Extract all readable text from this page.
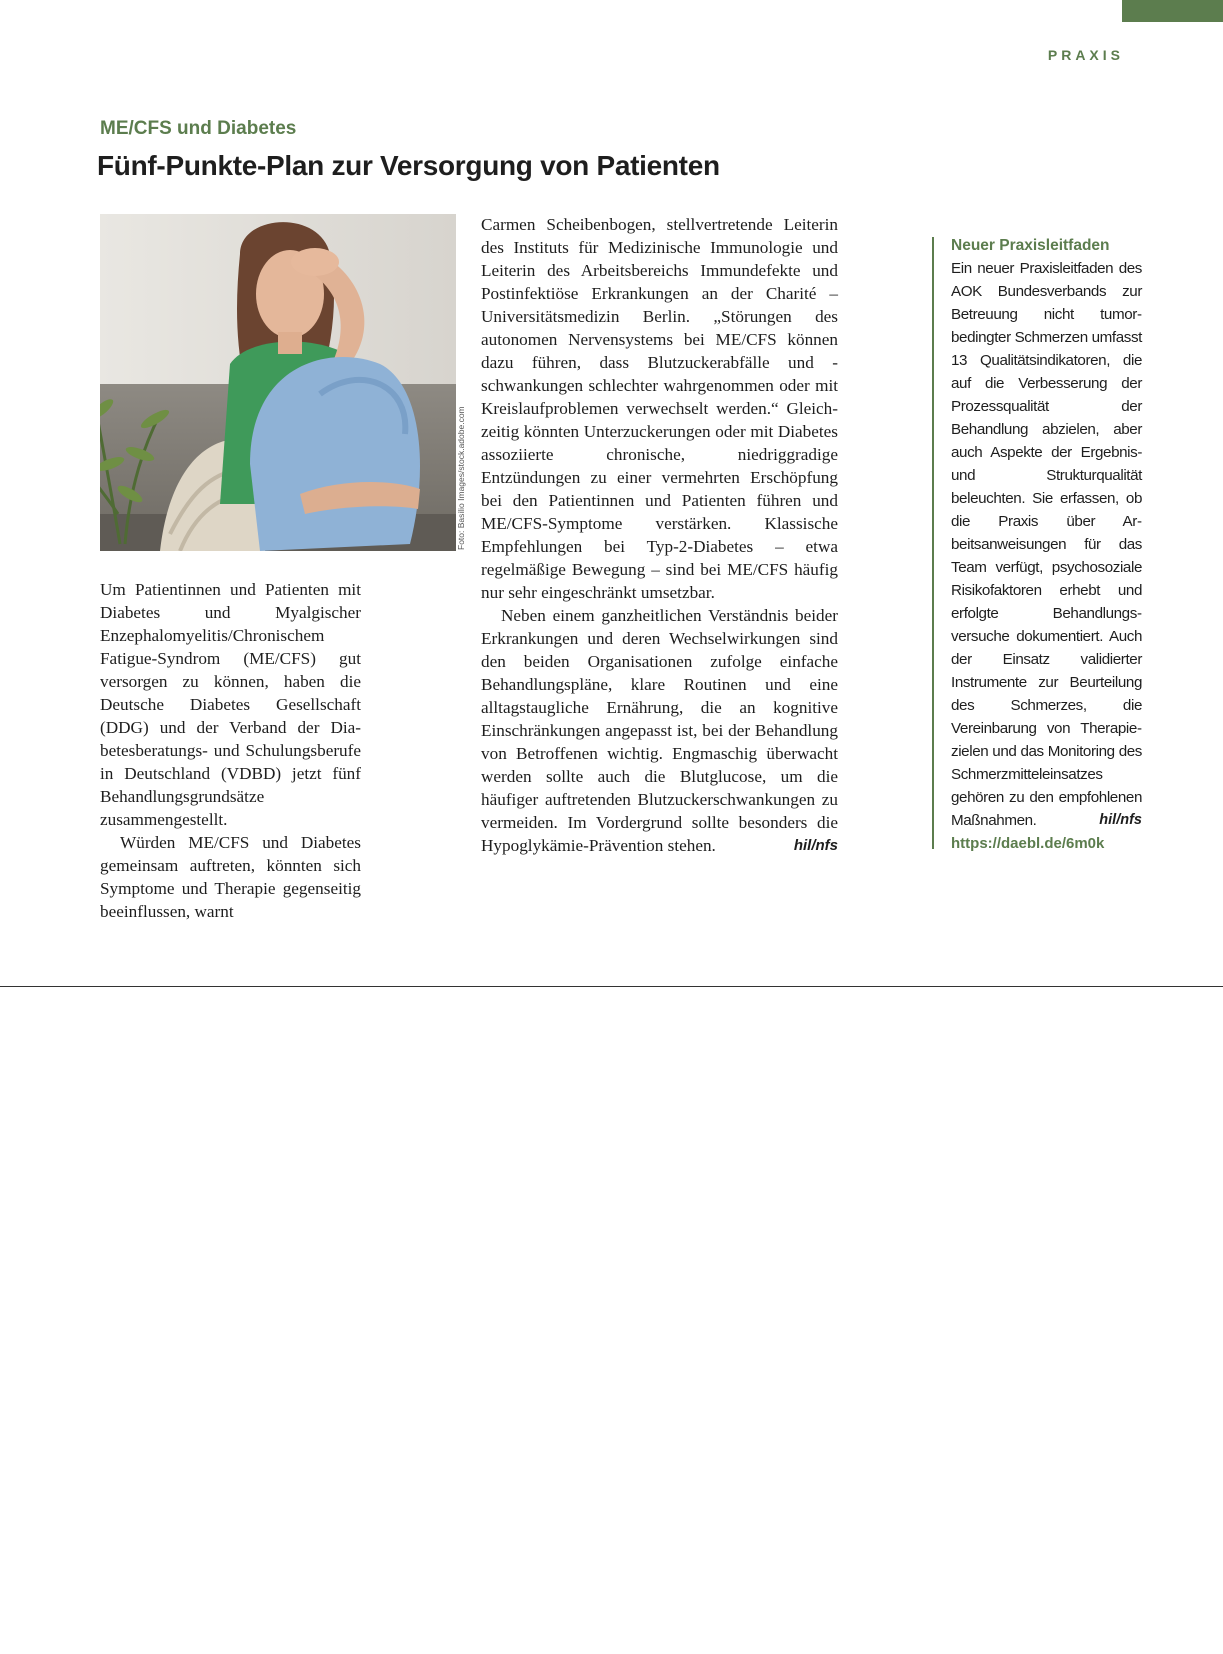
PRAXIS
ME/CFS und Diabetes
Fünf-Punkte-Plan zur Versorgung von Patienten
Foto: Basilio Images/stock.adobe.com

Um Patientinnen und Patienten mit Diabetes und Myalgischer Enzephalomyelitis/Chronischem Fatigue-Syndrom (ME/CFS) gut versorgen zu können, haben die Deutsche Diabetes Gesellschaft (DDG) und der Verband der Diabetesberatungs- und Schulungsberufe in Deutschland (VDBD) jetzt fünf Behandlungsgrundsätze zusammengestellt.

Würden ME/CFS und Diabetes gemeinsam auftreten, könnten sich Symptome und Therapie gegenseitig beeinflussen, warnt

Carmen Scheibenbogen, stellvertretende Leiterin des Instituts für Medizinische Immunologie und Leiterin des Arbeitsbereichs Immundefekte und Postinfektiöse Erkrankungen an der Charité – Universitätsmedizin Berlin. „Störungen des autonomen Nervensystems bei ME/CFS können dazu führen, dass Blutzuckerabfälle und -schwankungen schlechter wahrgenommen oder mit Kreislaufproblemen verwechselt werden.“ Gleichzeitig könnten Unterzuckerungen oder mit Diabetes assoziierte chronische, niedriggradige Entzündungen zu einer vermehrten Erschöpfung bei den Patientinnen und Patienten führen und ME/CFS-Symptome verstärken. Klassische Empfehlungen bei Typ-2-Diabetes – etwa regelmäßige Bewegung – sind bei ME/CFS häufig nur sehr eingeschränkt umsetzbar.

Neben einem ganzheitlichen Verständnis beider Erkrankungen und deren Wechselwirkungen sind den beiden Organisationen zufolge einfache Behandlungspläne, klare Routinen und eine alltagstaugliche Ernährung, die an kognitive Einschränkungen angepasst ist, bei der Behandlung von Betroffenen wichtig. Engmaschig überwacht werden sollte auch die Blutglucose, um die häufiger auftretenden Blutzuckerschwankungen zu vermeiden. Im Vordergrund sollte besonders die Hypoglykämie-Prävention stehen.	hil/nfs

Neuer Praxisleitfaden
Ein neuer Praxisleitfaden des AOK Bundesverbands zur Betreuung nicht tumorbedingter Schmerzen umfasst 13 Qualitätsindikatoren, die auf die Verbesserung der Prozessqualität der Behandlung abzielen, aber auch Aspekte der Ergebnis- und Strukturqualität beleuchten. Sie erfassen, ob die Praxis über Arbeitsanweisungen für das Team verfügt, psychosoziale Risikofaktoren erhebt und erfolgte Behandlungsversuche dokumentiert. Auch der Einsatz validierter Instrumente zur Beurteilung des Schmerzes, die Vereinbarung von Therapiezielen und das Monitoring des Schmerzmitteleinsatzes gehören zu den empfohlenen Maßnahmen.	hil/nfs
https://daebl.de/6m0k
